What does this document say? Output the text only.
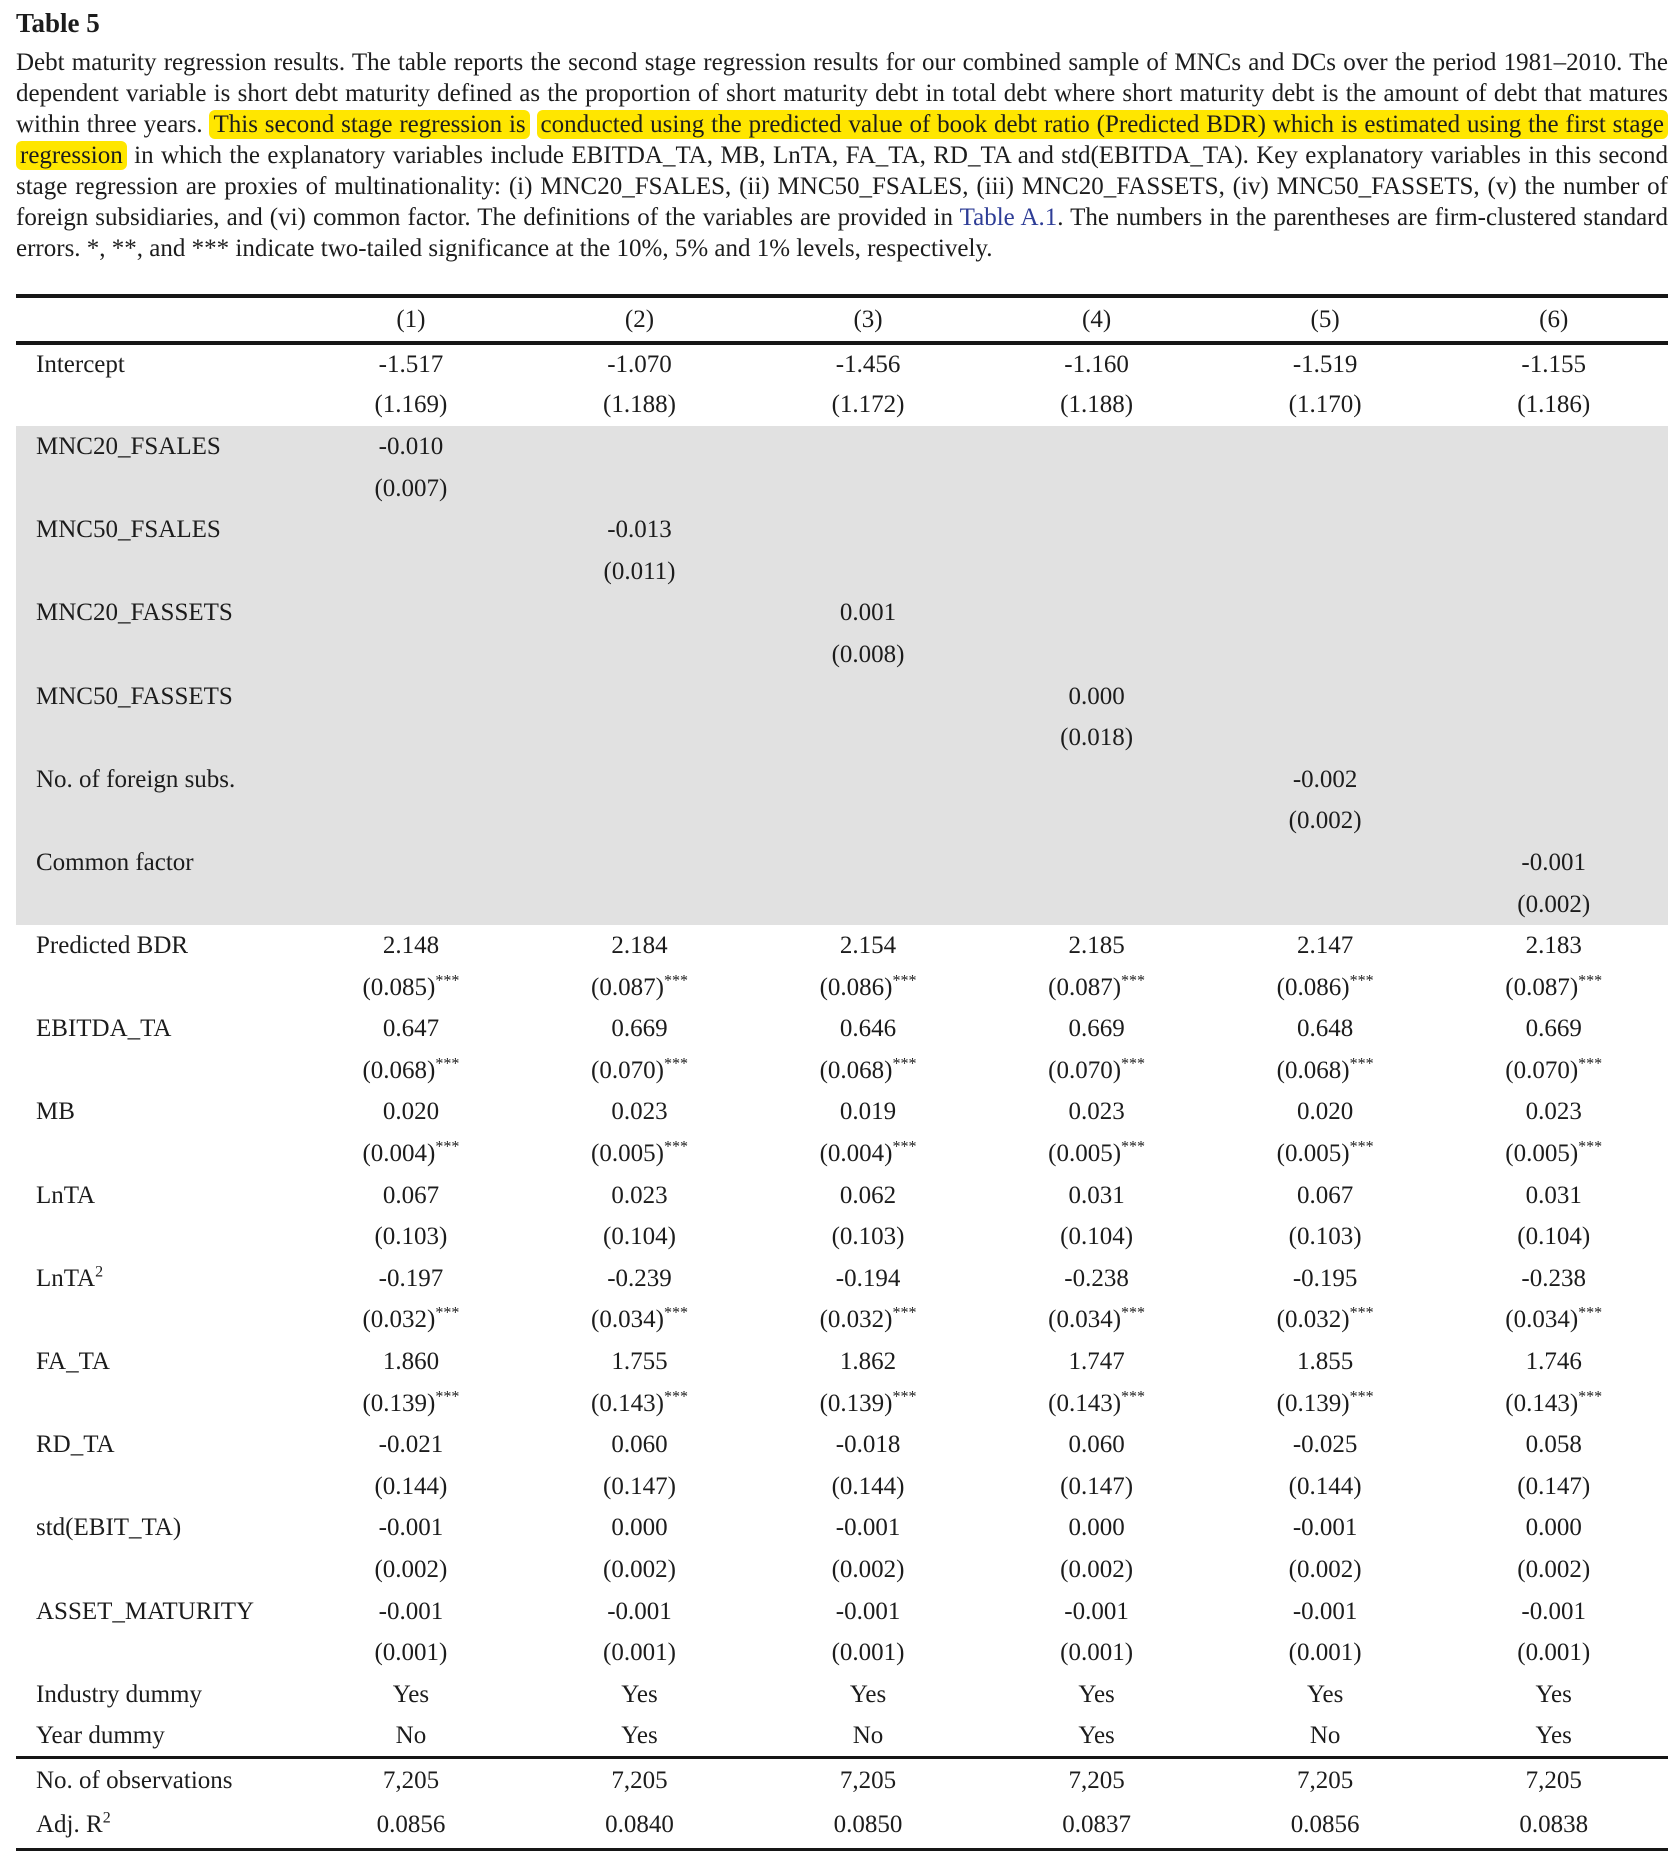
Table 5

Debt maturity regression results. The table reports the second stage regression results for our combined sample of MNCs and DCs over the period 1981–2010. The dependent variable is short debt maturity defined as the proportion of short maturity debt in total debt where short maturity debt is the amount of debt that matures within three years. This second stage regression is conducted using the predicted value of book debt ratio (Predicted BDR) which is estimated using the first stage regression in which the explanatory variables include EBITDA_TA, MB, LnTA, FA_TA, RD_TA and std(EBITDA_TA). Key explanatory variables in this second stage regression are proxies of multinationality: (i) MNC20_FSALES, (ii) MNC50_FSALES, (iii) MNC20_FASSETS, (iv) MNC50_FASSETS, (v) the number of foreign subsidiaries, and (vi) common factor. The definitions of the variables are provided in Table A.1. The numbers in the parentheses are firm-clustered standard errors. *, **, and *** indicate two-tailed significance at the 10%, 5% and 1% levels, respectively.

	(1)	(2)	(3)	(4)	(5)	(6)
Intercept	-1.517	-1.070	-1.456	-1.160	-1.519	-1.155
	(1.169)	(1.188)	(1.172)	(1.188)	(1.170)	(1.186)
MNC20_FSALES	-0.010					
	(0.007)					
MNC50_FSALES		-0.013				
		(0.011)				
MNC20_FASSETS			0.001			
			(0.008)			
MNC50_FASSETS				0.000		
				(0.018)		
No. of foreign subs.					-0.002	
					(0.002)	
Common factor						-0.001
						(0.002)
Predicted BDR	2.148	2.184	2.154	2.185	2.147	2.183
	(0.085)***	(0.087)***	(0.086)***	(0.087)***	(0.086)***	(0.087)***
EBITDA_TA	0.647	0.669	0.646	0.669	0.648	0.669
	(0.068)***	(0.070)***	(0.068)***	(0.070)***	(0.068)***	(0.070)***
MB	0.020	0.023	0.019	0.023	0.020	0.023
	(0.004)***	(0.005)***	(0.004)***	(0.005)***	(0.005)***	(0.005)***
LnTA	0.067	0.023	0.062	0.031	0.067	0.031
	(0.103)	(0.104)	(0.103)	(0.104)	(0.103)	(0.104)
LnTA$^2$	-0.197	-0.239	-0.194	-0.238	-0.195	-0.238
	(0.032)***	(0.034)***	(0.032)***	(0.034)***	(0.032)***	(0.034)***
FA_TA	1.860	1.755	1.862	1.747	1.855	1.746
	(0.139)***	(0.143)***	(0.139)***	(0.143)***	(0.139)***	(0.143)***
RD_TA	-0.021	0.060	-0.018	0.060	-0.025	0.058
	(0.144)	(0.147)	(0.144)	(0.147)	(0.144)	(0.147)
std(EBIT_TA)	-0.001	0.000	-0.001	0.000	-0.001	0.000
	(0.002)	(0.002)	(0.002)	(0.002)	(0.002)	(0.002)
ASSET_MATURITY	-0.001	-0.001	-0.001	-0.001	-0.001	-0.001
	(0.001)	(0.001)	(0.001)	(0.001)	(0.001)	(0.001)
Industry dummy	Yes	Yes	Yes	Yes	Yes	Yes
Year dummy	No	Yes	No	Yes	No	Yes
No. of observations	7,205	7,205	7,205	7,205	7,205	7,205
Adj. $R^2$	0.0856	0.0840	0.0850	0.0837	0.0856	0.0838
